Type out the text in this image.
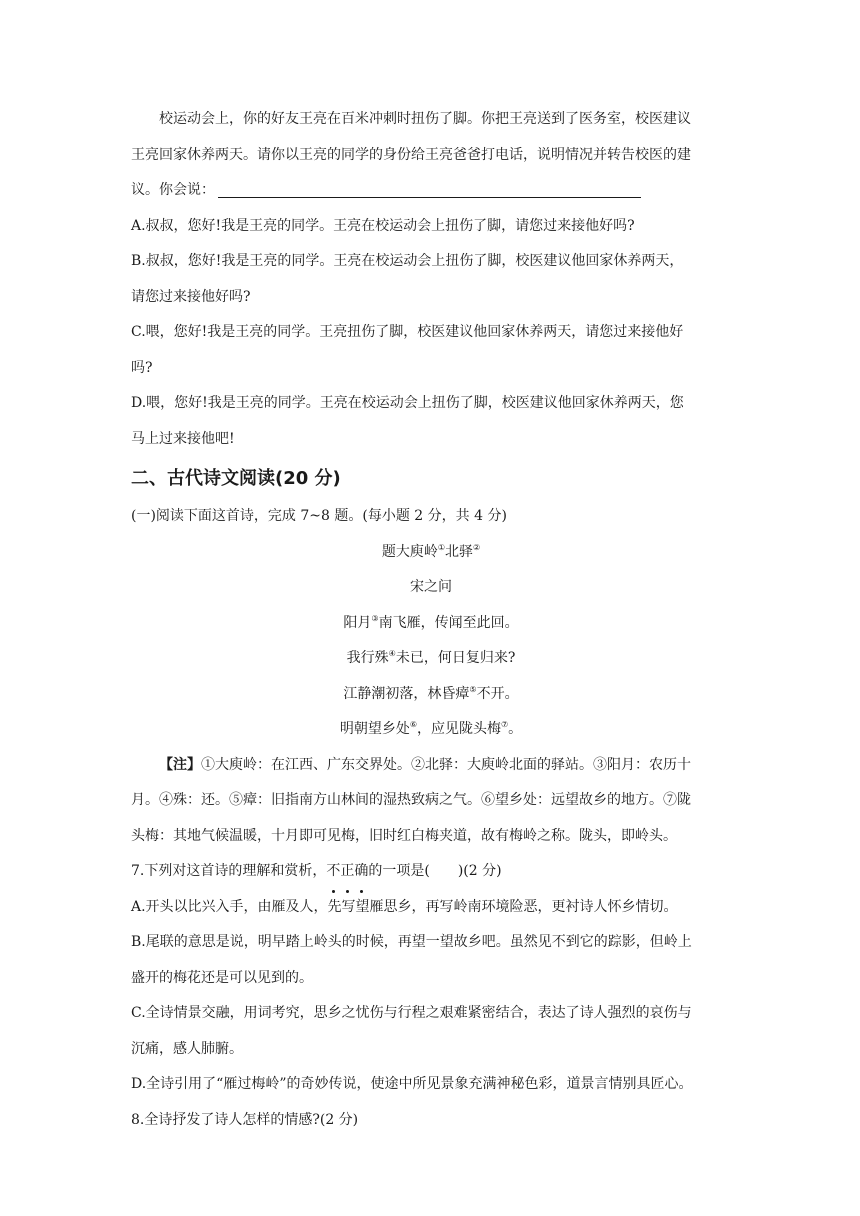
校运动会上，你的好友王亮在百米冲刺时扭伤了脚。你把王亮送到了医务室，校医建议
王亮回家休养两天。请你以王亮的同学的身份给王亮爸爸打电话，说明情况并转告校医的建
议。你会说：
A.叔叔，您好!我是王亮的同学。王亮在校运动会上扭伤了脚，请您过来接他好吗?
B.叔叔，您好!我是王亮的同学。王亮在校运动会上扭伤了脚，校医建议他回家休养两天，
请您过来接他好吗?
C.喂，您好!我是王亮的同学。王亮扭伤了脚，校医建议他回家休养两天，请您过来接他好
吗?
D.喂，您好!我是王亮的同学。王亮在校运动会上扭伤了脚，校医建议他回家休养两天，您
马上过来接他吧!
二、古代诗文阅读(20 分)
(一)阅读下面这首诗，完成 7~8 题。(每小题 2 分，共 4 分)
题大庾岭①北驿②
宋之问
阳月③南飞雁，传闻至此回。
我行殊④未已，何日复归来?
江静潮初落，林昏瘴⑤不开。
明朝望乡处⑥，应见陇头梅⑦。
【注】①大庾岭：在江西、广东交界处。②北驿：大庾岭北面的驿站。③阳月：农历十
月。④殊：还。⑤瘴：旧指南方山林间的湿热致病之气。⑥望乡处：远望故乡的地方。⑦陇
头梅：其地气候温暖，十月即可见梅，旧时红白梅夹道，故有梅岭之称。陇头，即岭头。
7.下列对这首诗的理解和赏析，不正确的一项是(　　)(2 分)
A.开头以比兴入手，由雁及人，先写望雁思乡，再写岭南环境险恶，更衬诗人怀乡情切。
B.尾联的意思是说，明早踏上岭头的时候，再望一望故乡吧。虽然见不到它的踪影，但岭上
盛开的梅花还是可以见到的。
C.全诗情景交融，用词考究，思乡之忧伤与行程之艰难紧密结合，表达了诗人强烈的哀伤与
沉痛，感人肺腑。
D.全诗引用了“雁过梅岭”的奇妙传说，使途中所见景象充满神秘色彩，道景言情别具匠心。
8.全诗抒发了诗人怎样的情感?(2 分)
